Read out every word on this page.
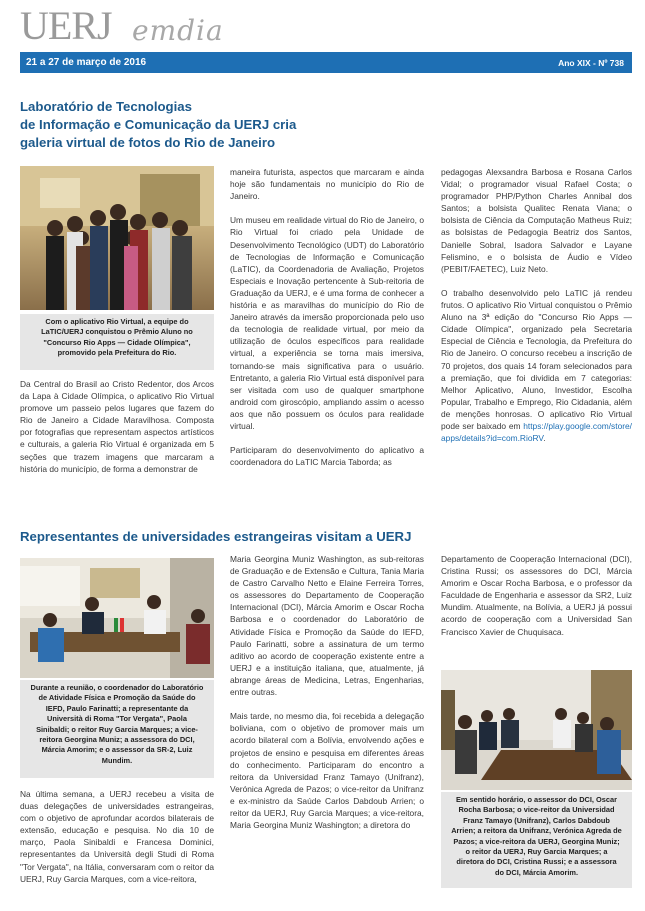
UERJ emdia
21 a 27 de março de 2016	Ano XIX - Nº 738
Laboratório de Tecnologias
de Informação e Comunicação da UERJ cria
galeria virtual de fotos do Rio de Janeiro
Com o aplicativo Rio Virtual, a equipe do LaTIC/UERJ conquistou o Prêmio Aluno no "Concurso Rio Apps — Cidade Olímpica", promovido pela Prefeitura do Rio.
Da Central do Brasil ao Cristo Redentor, dos Arcos da Lapa à Cidade Olímpica, o aplicativo Rio Virtual promove um passeio pelos lugares que fazem do Rio de Janeiro a Cidade Maravilhosa. Composta por fotografias que representam aspectos artísticos e culturais, a galeria Rio Virtual é organizada em 5 seções que trazem imagens que marcaram a história do município, de forma a demonstrar de
maneira futurista, aspectos que marcaram e ainda hoje são fundamentais no município do Rio de Janeiro.

Um museu em realidade virtual do Rio de Janeiro, o Rio Virtual foi criado pela Unidade de Desenvolvimento Tecnológico (UDT) do Laboratório de Tecnologias de Informação e Comunicação (LaTIC), da Coordenadoria de Avaliação, Projetos Especiais e Inovação pertencente à Sub-reitoria de Graduação da UERJ, e é uma forma de conhecer a história e as maravilhas do município do Rio de Janeiro através da imersão proporcionada pelo uso da tecnologia de realidade virtual, por meio da utilização de óculos específicos para realidade virtual, a experiência se torna mais imersiva, tornando-se mais significativa para o usuário. Entretanto, a galeria Rio Virtual está disponível para ser visitada com uso de qualquer smartphone android com giroscópio, ampliando assim o acesso aos que não possuem os óculos para realidade virtual.

Participaram do desenvolvimento do aplicativo a coordenadora do LaTIC Marcia Taborda; as
pedagogas Alexsandra Barbosa e Rosana Carlos Vidal; o programador visual Rafael Costa; o programador PHP/Python Charles Annibal dos Santos; a bolsista Qualitec Renata Viana; o bolsista de Ciência da Computação Matheus Ruiz; as bolsistas de Pedagogia Beatriz dos Santos, Danielle Sobral, Isadora Salvador e Layane Felismino, e o bolsista de Áudio e Vídeo (PEBIT/FAETEC), Luiz Neto.

O trabalho desenvolvido pelo LaTIC já rendeu frutos. O aplicativo Rio Virtual conquistou o Prêmio Aluno na 3ª edição do "Concurso Rio Apps — Cidade Olímpica", organizado pela Secretaria Especial de Ciência e Tecnologia, da Prefeitura do Rio de Janeiro. O concurso recebeu a inscrição de 70 projetos, dos quais 14 foram selecionados para a premiação, que foi dividida em 7 categorias: Melhor Aplicativo, Aluno, Investidor, Escolha Popular, Trabalho e Emprego, Rio Cidadania, além de menções honrosas. O aplicativo Rio Virtual pode ser baixado em https://play.google.com/store/apps/details?id=com.RioRV.
Representantes de universidades estrangeiras visitam a UERJ
Durante a reunião, o coordenador do Laboratório de Atividade Física e Promoção da Saúde do IEFD, Paulo Farinatti; a representante da Università di Roma "Tor Vergata", Paola Sinibaldi; o reitor Ruy Garcia Marques; a vice-reitora Georgina Muniz; a assessora do DCI, Márcia Amorim; e o assessor da SR-2, Luiz Mundim.
Na última semana, a UERJ recebeu a visita de duas delegações de universidades estrangeiras, com o objetivo de aprofundar acordos bilaterais de extensão, educação e pesquisa. No dia 10 de março, Paola Sinibaldi e Francesa Dominici, representantes da Università degli Studi di Roma "Tor Vergata", na Itália, conversaram com o reitor da UERJ, Ruy Garcia Marques, com a vice-reitora,
Maria Georgina Muniz Washington, as sub-reitoras de Graduação e de Extensão e Cultura, Tania Maria de Castro Carvalho Netto e Elaine Ferreira Torres, os assessores do Departamento de Cooperação Internacional (DCI), Márcia Amorim e Oscar Rocha Barbosa e o coordenador do Laboratório de Atividade Física e Promoção da Saúde do IEFD, Paulo Farinatti, sobre a assinatura de um termo aditivo ao acordo de cooperação existente entre a UERJ e a instituição italiana, que, atualmente, já abrange áreas de Medicina, Letras, Engenharias, entre outras.

Mais tarde, no mesmo dia, foi recebida a delegação boliviana, com o objetivo de promover mais um acordo bilateral com a Bolívia, envolvendo ações e projetos de ensino e pesquisa em diferentes áreas do conhecimento. Participaram do encontro a reitora da Universidad Franz Tamayo (Unifranz), Verónica Agreda de Pazos; o vice-reitor da Unifranz e ex-ministro da Saúde Carlos Dabdoub Arrien; o reitor da UERJ, Ruy Garcia Marques; a vice-reitora, Maria Georgina Muniz Washington; a diretora do
Departamento de Cooperação Internacional (DCI), Cristina Russi; os assessores do DCI, Márcia Amorim e Oscar Rocha Barbosa, e o professor da Faculdade de Engenharia e assessor da SR2, Luiz Mundim. Atualmente, na Bolívia, a UERJ já possui acordo de cooperação com a Universidad San Francisco Xavier de Chuquisaca.
Em sentido horário, o assessor do DCI, Oscar Rocha Barbosa; o vice-reitor da Universidad Franz Tamayo (Unifranz), Carlos Dabdoub Arrien; a reitora da Unifranz, Verónica Agreda de Pazos; a vice-reitora da UERJ, Georgina Muniz; o reitor da UERJ, Ruy Garcia Marques; a diretora do DCI, Cristina Russi; e a assessora do DCI, Márcia Amorim.
